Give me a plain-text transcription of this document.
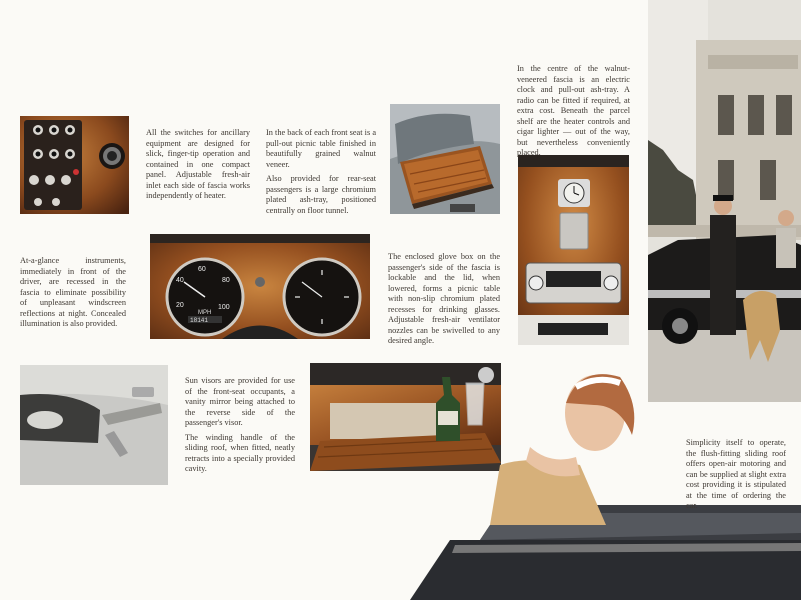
20
40
60
80
100
MPH
18141

All the switches for ancillary equipment are designed for slick, finger-tip operation and contained in one compact panel. Adjustable fresh-air inlet each side of fascia works independently of heater.

In the back of each front seat is a pull-out picnic table finished in beautifully grained walnut veneer.

Also provided for rear-seat passengers is a large chromium plated ash-tray, positioned centrally on floor tunnel.

In the centre of the walnut-veneered fascia is an electric clock and pull-out ash-tray. A radio can be fitted if required, at extra cost. Beneath the parcel shelf are the heater controls and cigar lighter — out of the way, but nevertheless conveniently placed.

At-a-glance instruments, immediately in front of the driver, are recessed in the fascia to eliminate possibility of unpleasant windscreen reflections at night. Concealed illumination is also provided.

The enclosed glove box on the passenger's side of the fascia is lockable and the lid, when lowered, forms a picnic table with non-slip chromium plated recesses for drinking glasses. Adjustable fresh-air ventilator nozzles can be swivelled to any desired angle.

Sun visors are provided for use of the front-seat occupants, a vanity mirror being attached to the reverse side of the passenger's visor.

The winding handle of the sliding roof, when fitted, neatly retracts into a specially provided cavity.

Simplicity itself to operate, the flush-fitting sliding roof offers open-air motoring and can be supplied at slight extra cost providing it is stipulated at the time of ordering the car.
